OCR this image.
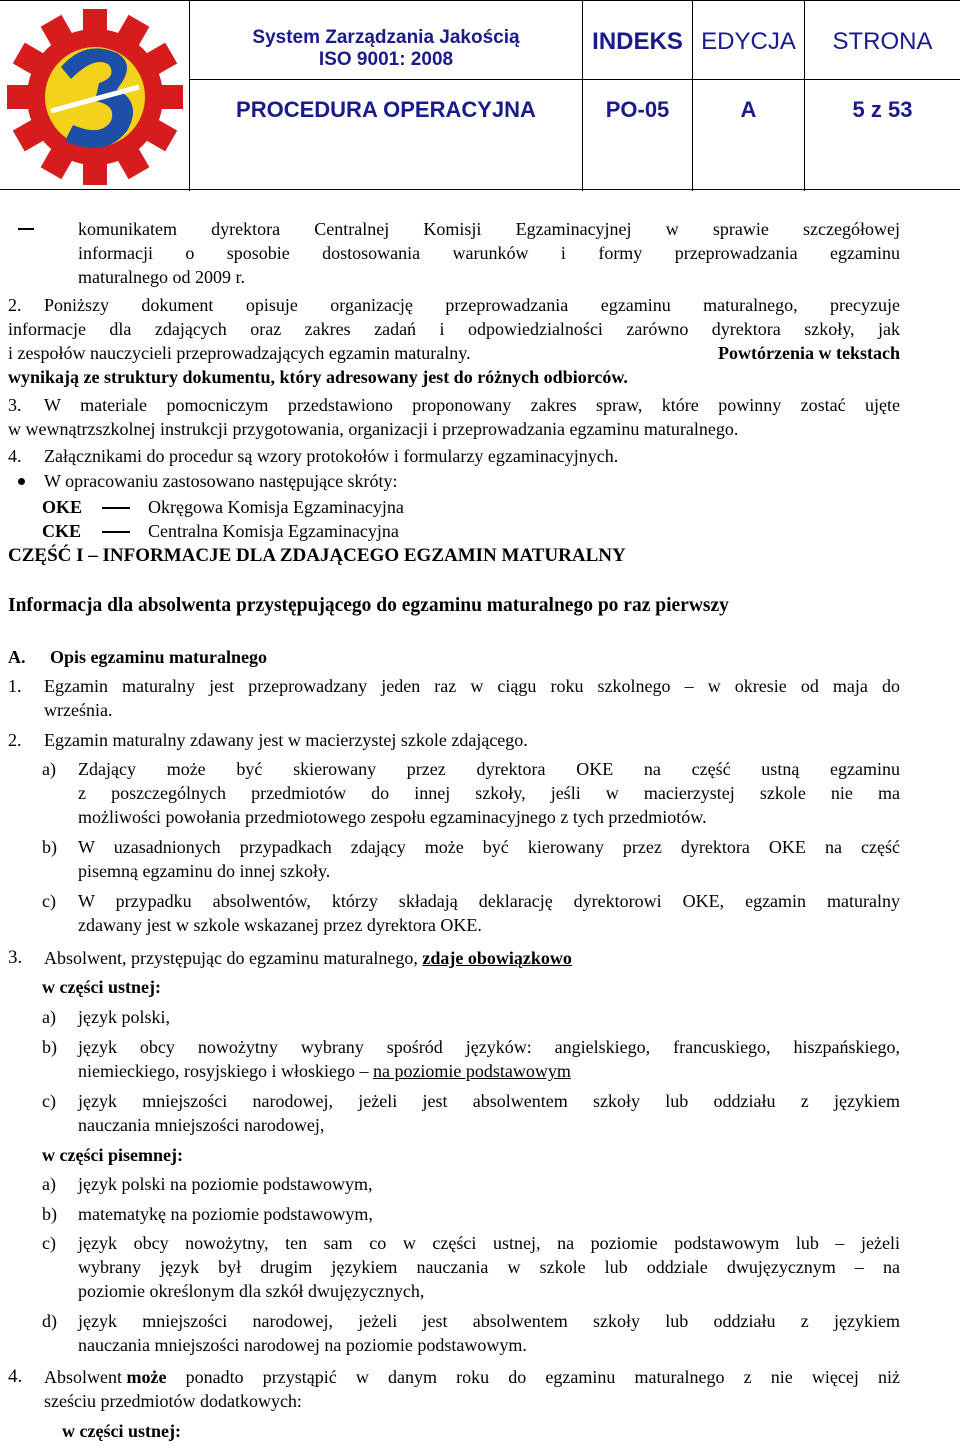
System Zarządzania Jakością
ISO 9001: 2008
INDEKS EDYCJA	STRONA
PROCEDURA OPERACYJNA	PO-05	A	5 z 53
komunikatem dyrektora Centralnej Komisji Egzaminacyjnej w sprawie szczegółowej
informacji o sposobie dostosowania warunków i formy przeprowadzania egzaminu
maturalnego od 2009 r.
2. Poniższy dokument opisuje organizację przeprowadzania egzaminu maturalnego, precyzuje
informacje dla zdających oraz zakres zadań i odpowiedzialności zarówno dyrektora szkoły, jak
i zespołów nauczycieli przeprowadzających egzamin maturalny.	Powtórzenia w tekstach
wynikają ze struktury dokumentu, który adresowany jest do różnych odbiorców.
3. W materiale pomocniczym przedstawiono proponowany zakres spraw, które powinny zostać ujęte
w wewnątrzszkolnej instrukcji przygotowania, organizacji i przeprowadzania egzaminu maturalnego.
4. Załącznikami do procedur są wzory protokołów i formularzy egzaminacyjnych.
W opracowaniu zastosowano następujące skróty:
OKE	Okręgowa Komisja Egzaminacyjna
CKE	Centralna Komisja Egzaminacyjna
CZĘŚĆ I – INFORMACJE DLA ZDAJĄCEGO EGZAMIN MATURALNY
Informacja dla absolwenta przystępującego do egzaminu maturalnego po raz pierwszy
A. Opis egzaminu maturalnego
1. Egzamin maturalny jest przeprowadzany jeden raz w ciągu roku szkolnego – w okresie od maja do
września.
2. Egzamin maturalny zdawany jest w macierzystej szkole zdającego.
a) Zdający może być skierowany przez dyrektora OKE na część ustną egzaminu
z poszczególnych przedmiotów do innej szkoły, jeśli w macierzystej szkole nie ma
możliwości powołania przedmiotowego zespołu egzaminacyjnego z tych przedmiotów.
b) W uzasadnionych przypadkach zdający może być kierowany przez dyrektora OKE na część
pisemną egzaminu do innej szkoły.
c) W przypadku absolwentów, którzy składają deklarację dyrektorowi OKE, egzamin maturalny
zdawany jest w szkole wskazanej przez dyrektora OKE.
3. Absolwent, przystępując do egzaminu maturalnego, zdaje obowiązkowo
w części ustnej:
a) język polski,
b) język obcy nowożytny wybrany spośród języków: angielskiego, francuskiego, hiszpańskiego,
niemieckiego, rosyjskiego i włoskiego – na poziomie podstawowym
c) język mniejszości narodowej, jeżeli jest absolwentem szkoły lub oddziału z językiem
nauczania mniejszości narodowej,
w części pisemnej:
a) język polski na poziomie podstawowym,
b) matematykę na poziomie podstawowym,
c) język obcy nowożytny, ten sam co w części ustnej, na poziomie podstawowym lub – jeżeli
wybrany język był drugim językiem nauczania w szkole lub oddziale dwujęzycznym – na
poziomie określonym dla szkół dwujęzycznych,
d) język mniejszości narodowej, jeżeli jest absolwentem szkoły lub oddziału z językiem
nauczania mniejszości narodowej na poziomie podstawowym.
4. Absolwent może ponadto przystąpić w danym roku do egzaminu maturalnego z nie więcej niż
sześciu przedmiotów dodatkowych:
w części ustnej:
